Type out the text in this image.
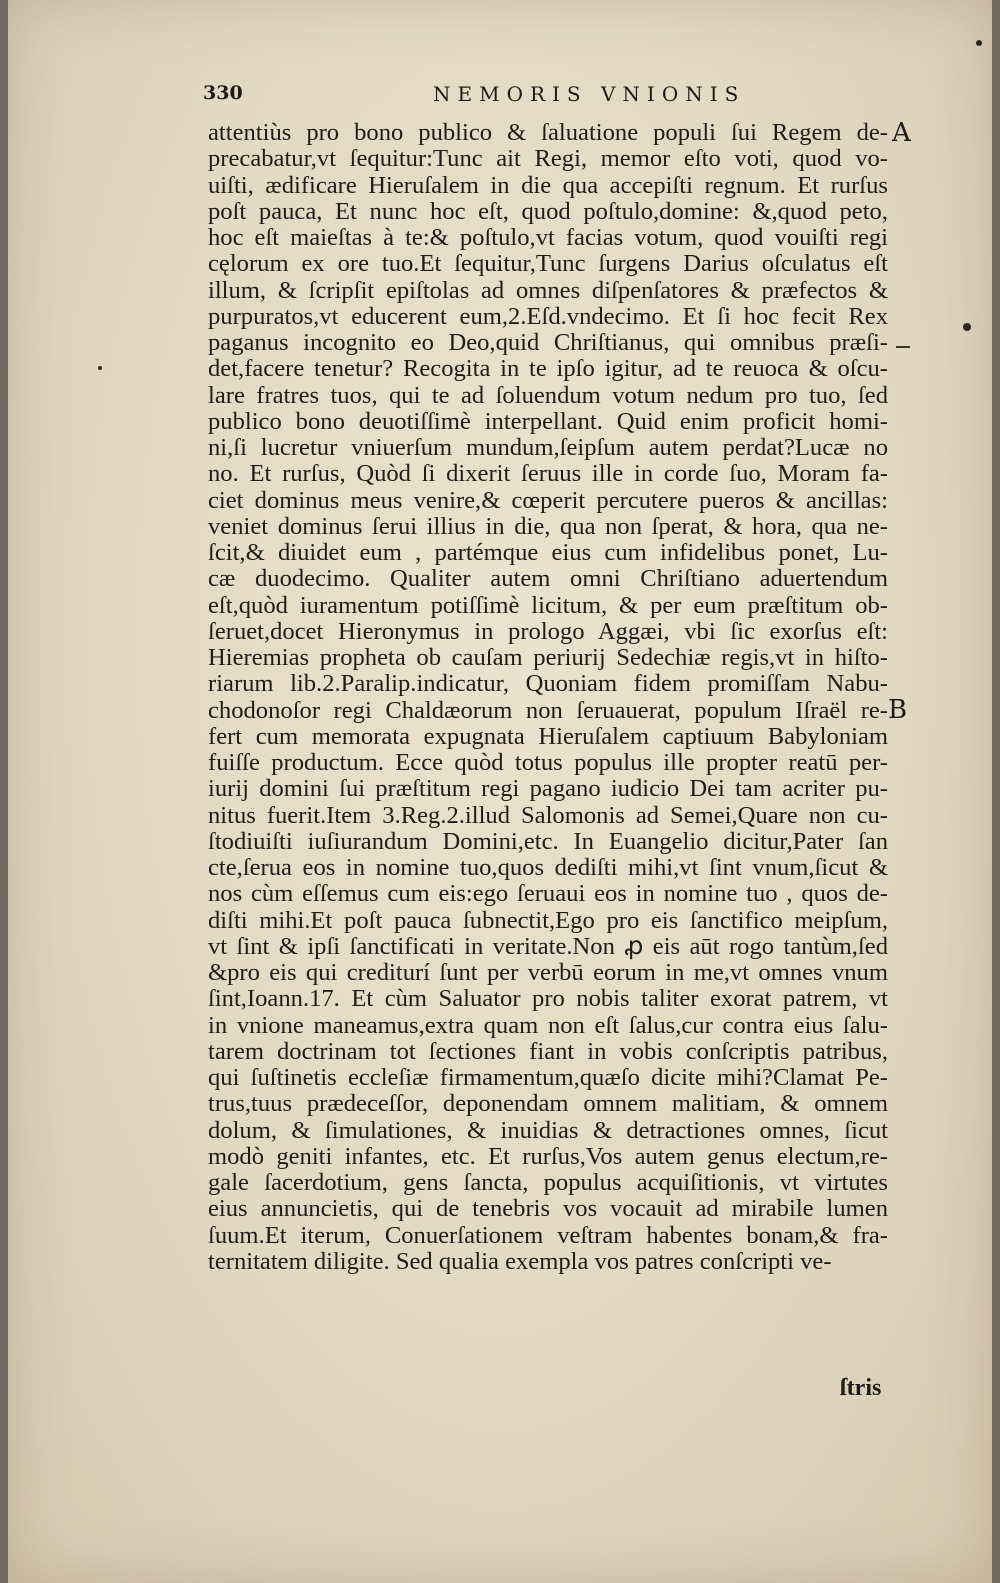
330	NEMORIS VNIONIS
A
B
attentiùs pro bono publico & ſaluatione populi ſui Regem de-
precabatur,vt ſequitur:Tunc ait Regi, memor eſto voti, quod vo-
uiſti, ædificare Hieruſalem in die qua accepiſti regnum. Et rurſus
poſt pauca, Et nunc hoc eſt, quod poſtulo,domine: &,quod peto,
hoc eſt maieſtas à te:& poſtulo,vt facias votum, quod vouiſti regi
cęlorum ex ore tuo.Et ſequitur,Tunc ſurgens Darius oſculatus eſt
illum, & ſcripſit epiſtolas ad omnes diſpenſatores & præfectos &
purpuratos,vt educerent eum,2.Eſd.vndecimo. Et ſi hoc fecit Rex
paganus incognito eo Deo,quid Chriſtianus, qui omnibus præſi-
det,facere tenetur? Recogita in te ipſo igitur, ad te reuoca & oſcu-
lare fratres tuos, qui te ad ſoluendum votum nedum pro tuo, ſed
publico bono deuotiſſimè interpellant. Quid enim proficit homi-
ni,ſi lucretur vniuerſum mundum,ſeipſum autem perdat?Lucæ no
no. Et rurſus, Quòd ſi dixerit ſeruus ille in corde ſuo, Moram fa-
ciet dominus meus venire,& cœperit percutere pueros & ancillas:
veniet dominus ſerui illius in die, qua non ſperat, & hora, qua ne-
ſcit,& diuidet eum , partémque eius cum infidelibus ponet, Lu-
cæ duodecimo. Qualiter autem omni Chriſtiano aduertendum
eſt,quòd iuramentum potiſſimè licitum, & per eum præſtitum ob-
ſeruet,docet Hieronymus in prologo Aggæi, vbi ſic exorſus eſt:
Hieremias propheta ob cauſam periurij Sedechiæ regis,vt in hiſto-
riarum lib.2.Paralip.indicatur, Quoniam fidem promiſſam Nabu-
chodonoſor regi Chaldæorum non ſeruauerat, populum Iſraël re-
fert cum memorata expugnata Hieruſalem captiuum Babyloniam
fuiſſe productum. Ecce quòd totus populus ille propter reatū per-
iurij domini ſui præſtitum regi pagano iudicio Dei tam acriter pu-
nitus fuerit.Item 3.Reg.2.illud Salomonis ad Semei,Quare non cu-
ſtodiuiſti iuſiurandum Domini,etc. In Euangelio dicitur,Pater ſan
cte,ſerua eos in nomine tuo,quos dediſti mihi,vt ſint vnum,ſicut &
nos cùm eſſemus cum eis:ego ſeruaui eos in nomine tuo , quos de-
diſti mihi.Et poſt pauca ſubnectit,Ego pro eis ſanctifico meipſum,
vt ſint & ipſi ſanctificati in veritate.Non ꝓ eis aūt rogo tantùm,ſed
&pro eis qui crediturí ſunt per verbū eorum in me,vt omnes vnum
ſint,Ioann.17. Et cùm Saluator pro nobis taliter exorat patrem, vt
in vnione maneamus,extra quam non eſt ſalus,cur contra eius ſalu-
tarem doctrinam tot ſectiones fiant in vobis conſcriptis patribus,
qui ſuſtinetis eccleſiæ firmamentum,quæſo dicite mihi?Clamat Pe-
trus,tuus prædeceſſor, deponendam omnem malitiam, & omnem
dolum, & ſimulationes, & inuidias & detractiones omnes, ſicut
modò geniti infantes, etc. Et rurſus,Vos autem genus electum,re-
gale ſacerdotium, gens ſancta, populus acquiſitionis, vt virtutes
eius annuncietis, qui de tenebris vos vocauit ad mirabile lumen
ſuum.Et iterum, Conuerſationem veſtram habentes bonam,& fra-
ternitatem diligite. Sed qualia exempla vos patres conſcripti ve-
ſtris
